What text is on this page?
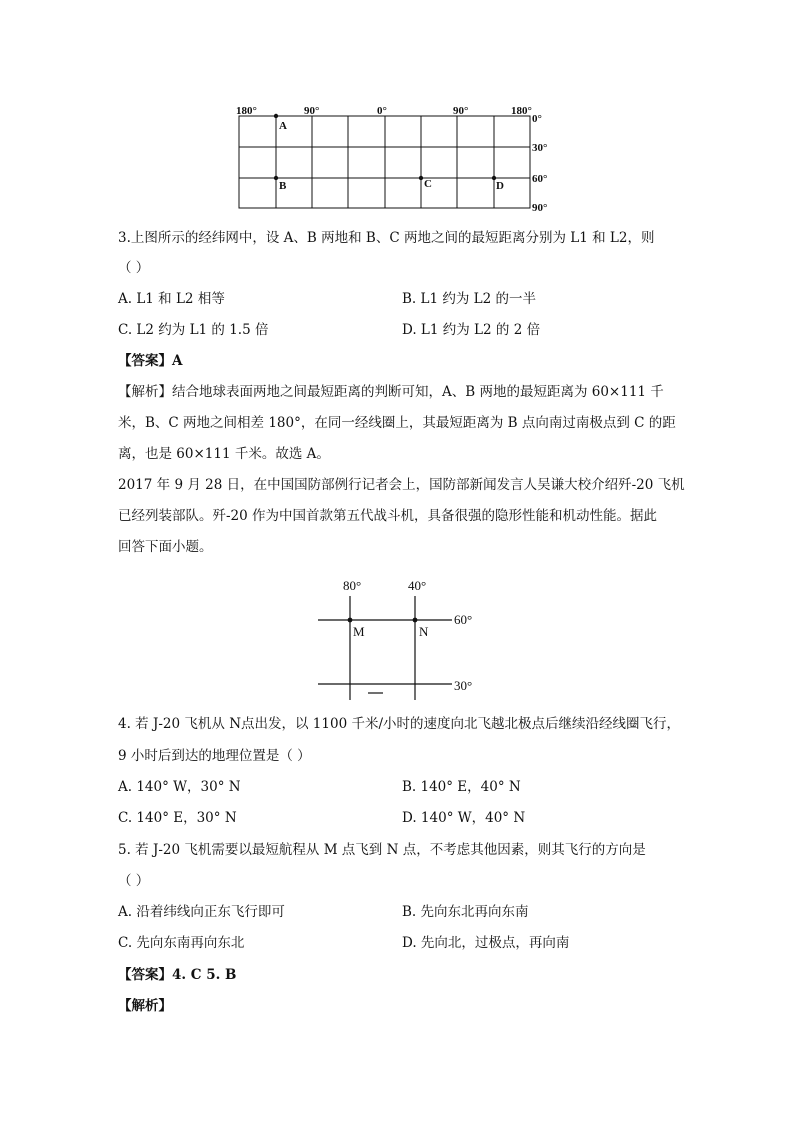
180°	90°	0°	90°	180°
0°
30°
60°
90°
A
B	C	D
80°	40°
60°
30°
M	N
3.上图所示的经纬网中，设 A、B 两地和 B、C 两地之间的最短距离分别为 L1 和 L2，则
（ ）
A. L1 和 L2 相等	B. L1 约为 L2 的一半
C. L2 约为 L1 的 1.5 倍	D. L1 约为 L2 的 2 倍
【答案】A
【解析】结合地球表面两地之间最短距离的判断可知，A、B 两地的最短距离为 60×111 千
米，B、C 两地之间相差 180°，在同一经线圈上，其最短距离为 B 点向南过南极点到 C 的距
离，也是 60×111 千米。故选 A。
2017 年 9 月 28 日，在中国国防部例行记者会上，国防部新闻发言人吴谦大校介绍歼-20 飞机
已经列装部队。歼-20 作为中国首款第五代战斗机，具备很强的隐形性能和机动性能。据此
回答下面小题。
4. 若 J-20 飞机从 N点出发，以 1100 千米/小时的速度向北飞越北极点后继续沿经线圈飞行，
9 小时后到达的地理位置是（ ）
A. 140° W，30° N	B. 140° E，40° N
C. 140° E，30° N	D. 140° W，40° N
5. 若 J-20 飞机需要以最短航程从 M 点飞到 N 点，不考虑其他因素，则其飞行的方向是
（ ）
A. 沿着纬线向正东飞行即可	B. 先向东北再向东南
C. 先向东南再向东北	D. 先向北，过极点，再向南
【答案】4. C 5. B
【解析】
